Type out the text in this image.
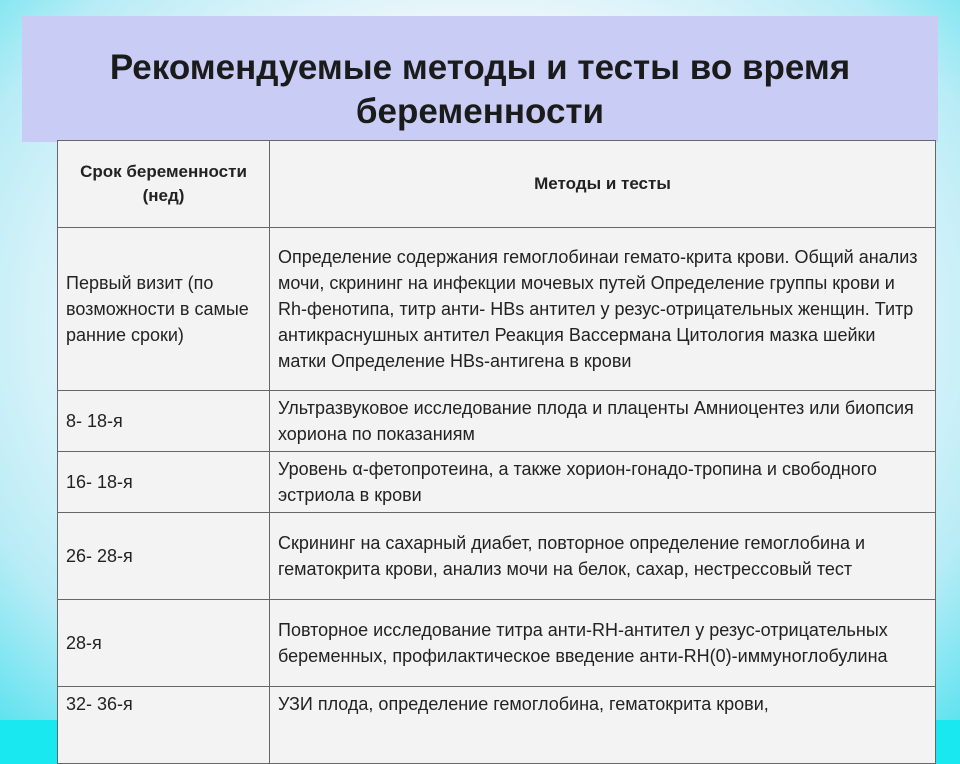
Рекомендуемые методы и тесты во время беременности
Срок беременности (нед)	Методы и тесты
Первый визит (по возможности в самые ранние сроки)	Определение содержания гемоглобинаи гемато-крита крови. Общий анализ мочи, скрининг на инфекции мочевых путей Определение группы крови и Rh-фенотипа, титр анти- HBs антител у резус-отрицательных женщин. Титр антикраснушных антител Реакция Вассермана Цитология мазка шейки матки Определение HBs-антигена в крови
8- 18-я	Ультразвуковое исследование плода и плаценты Амниоцентез или биопсия хориона по показаниям
16- 18-я	Уровень α-фетопротеина, а также хорион-гонадо-тропина и свободного эстриола в крови
26- 28-я	Скрининг на сахарный диабет, повторное определение гемоглобина и гематокрита крови, анализ мочи на белок, сахар, нестрессовый тест
28-я	Повторное исследование титра анти-RH-антител у резус-отрицательных беременных, профилактическое введение анти-RH(0)-иммуноглобулина
32- 36-я	УЗИ плода, определение гемоглобина, гематокрита крови,
